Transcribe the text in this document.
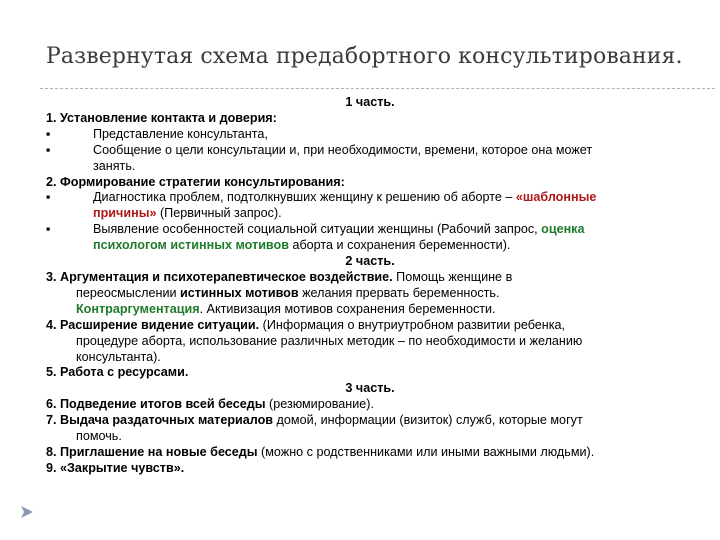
Развернутая схема предабортного консультирования.
1 часть.
1. Установление контакта и доверия:
▪	Представление консультанта,
▪	Сообщение о цели консультации и, при необходимости, времени, которое она может
занять.
2. Формирование стратегии консультирования:
▪	Диагностика проблем, подтолкнувших женщину к решению об аборте – «шаблонные
причины» (Первичный запрос).
▪	Выявление особенностей социальной ситуации женщины (Рабочий запрос, оценка
психологом истинных мотивов аборта и сохранения беременности).
2 часть.
3. Аргументация и психотерапевтическое воздействие. Помощь женщине в
переосмыслении истинных мотивов желания прервать беременность.
Контраргументация. Активизация мотивов сохранения беременности.
4. Расширение видение ситуации. (Информация о внутриутробном развитии ребенка,
процедуре аборта, использование различных методик – по необходимости и желанию
консультанта).
5. Работа с ресурсами.
3 часть.
6. Подведение итогов всей беседы (резюмирование).
7. Выдача раздаточных материалов домой, информации (визиток) служб, которые могут
помочь.
8. Приглашение на новые беседы (можно с родственниками или иными важными людьми).
9. «Закрытие чувств».
